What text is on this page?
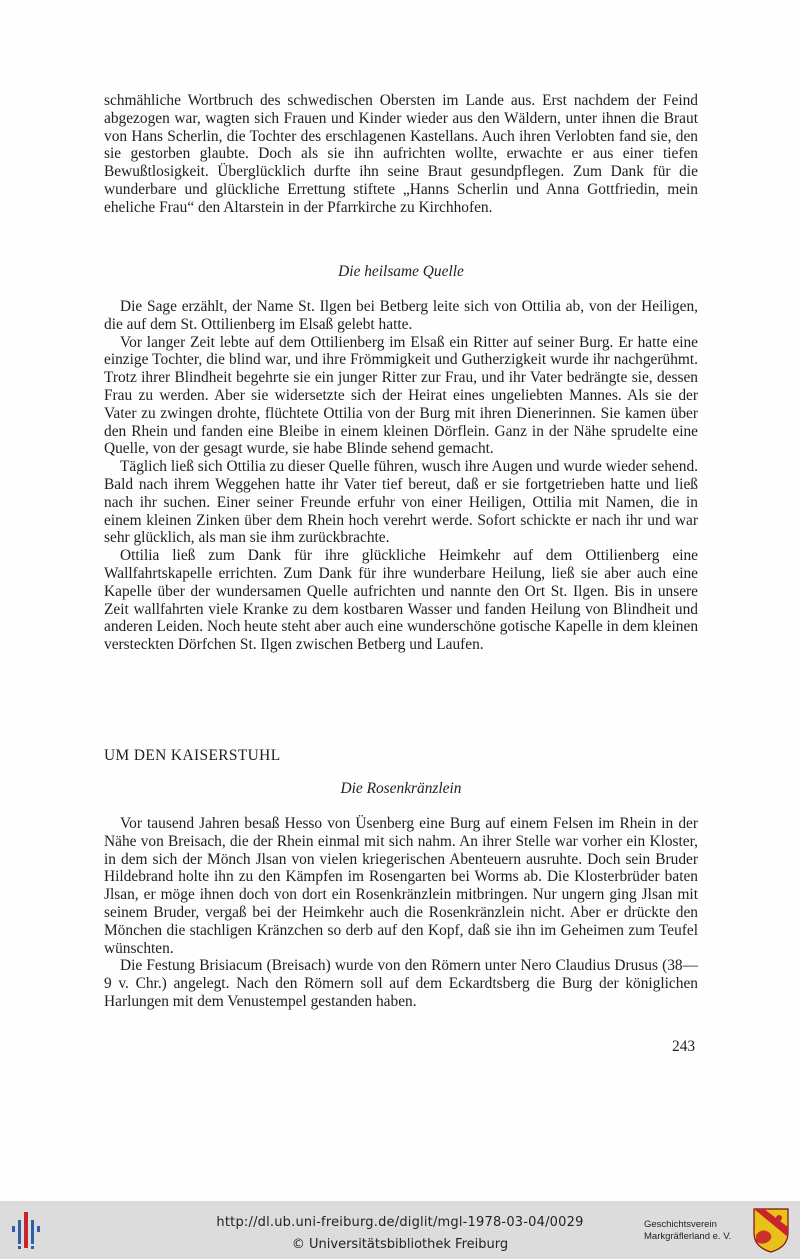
schmähliche Wortbruch des schwedischen Obersten im Lande aus. Erst nachdem der Feind abgezogen war, wagten sich Frauen und Kinder wieder aus den Wäldern, unter ihnen die Braut von Hans Scherlin, die Tochter des erschlagenen Kastellans. Auch ihren Verlobten fand sie, den sie gestorben glaubte. Doch als sie ihn aufrichten wollte, erwachte er aus einer tiefen Bewußtlosigkeit. Überglücklich durfte ihn seine Braut gesundpflegen. Zum Dank für die wunderbare und glückliche Errettung stiftete „Hanns Scherlin und Anna Gottfriedin, mein eheliche Frau“ den Altarstein in der Pfarrkirche zu Kirchhofen.

Die heilsame Quelle

Die Sage erzählt, der Name St. Ilgen bei Betberg leite sich von Ottilia ab, von der Heiligen, die auf dem St. Ottilienberg im Elsaß gelebt hatte.

Vor langer Zeit lebte auf dem Ottilienberg im Elsaß ein Ritter auf seiner Burg. Er hatte eine einzige Tochter, die blind war, und ihre Frömmigkeit und Gutherzigkeit wurde ihr nachgerühmt. Trotz ihrer Blindheit begehrte sie ein junger Ritter zur Frau, und ihr Vater bedrängte sie, dessen Frau zu werden. Aber sie widersetzte sich der Heirat eines ungeliebten Mannes. Als sie der Vater zu zwingen drohte, flüchtete Ottilia von der Burg mit ihren Dienerinnen. Sie kamen über den Rhein und fanden eine Bleibe in einem kleinen Dörflein. Ganz in der Nähe sprudelte eine Quelle, von der gesagt wurde, sie habe Blinde sehend gemacht.

Täglich ließ sich Ottilia zu dieser Quelle führen, wusch ihre Augen und wurde wieder sehend. Bald nach ihrem Weggehen hatte ihr Vater tief bereut, daß er sie fortgetrieben hatte und ließ nach ihr suchen. Einer seiner Freunde erfuhr von einer Heiligen, Ottilia mit Namen, die in einem kleinen Zinken über dem Rhein hoch verehrt werde. Sofort schickte er nach ihr und war sehr glücklich, als man sie ihm zurückbrachte.

Ottilia ließ zum Dank für ihre glückliche Heimkehr auf dem Ottilienberg eine Wallfahrtskapelle errichten. Zum Dank für ihre wunderbare Heilung, ließ sie aber auch eine Kapelle über der wundersamen Quelle aufrichten und nannte den Ort St. Ilgen. Bis in unsere Zeit wallfahrten viele Kranke zu dem kostbaren Wasser und fanden Heilung von Blindheit und anderen Leiden. Noch heute steht aber auch eine wunderschöne gotische Kapelle in dem kleinen versteckten Dörfchen St. Ilgen zwischen Betberg und Laufen.

UM DEN KAISERSTUHL

Die Rosenkränzlein

Vor tausend Jahren besaß Hesso von Üsenberg eine Burg auf einem Felsen im Rhein in der Nähe von Breisach, die der Rhein einmal mit sich nahm. An ihrer Stelle war vorher ein Kloster, in dem sich der Mönch Jlsan von vielen kriegerischen Abenteuern ausruhte. Doch sein Bruder Hildebrand holte ihn zu den Kämpfen im Rosengarten bei Worms ab. Die Klosterbrüder baten Jlsan, er möge ihnen doch von dort ein Rosenkränzlein mitbringen. Nur ungern ging Jlsan mit seinem Bruder, vergaß bei der Heimkehr auch die Rosenkränzlein nicht. Aber er drückte den Mönchen die stachligen Kränzchen so derb auf den Kopf, daß sie ihn im Geheimen zum Teufel wünschten.

Die Festung Brisiacum (Breisach) wurde von den Römern unter Nero Claudius Drusus (38—9 v. Chr.) angelegt. Nach den Römern soll auf dem Eckardtsberg die Burg der königlichen Harlungen mit dem Venustempel gestanden haben.

243
http://dl.ub.uni-freiburg.de/diglit/mgl-1978-03-04/0029
© Universitätsbibliothek Freiburg
Geschichtsverein
Markgräflerland e. V.
